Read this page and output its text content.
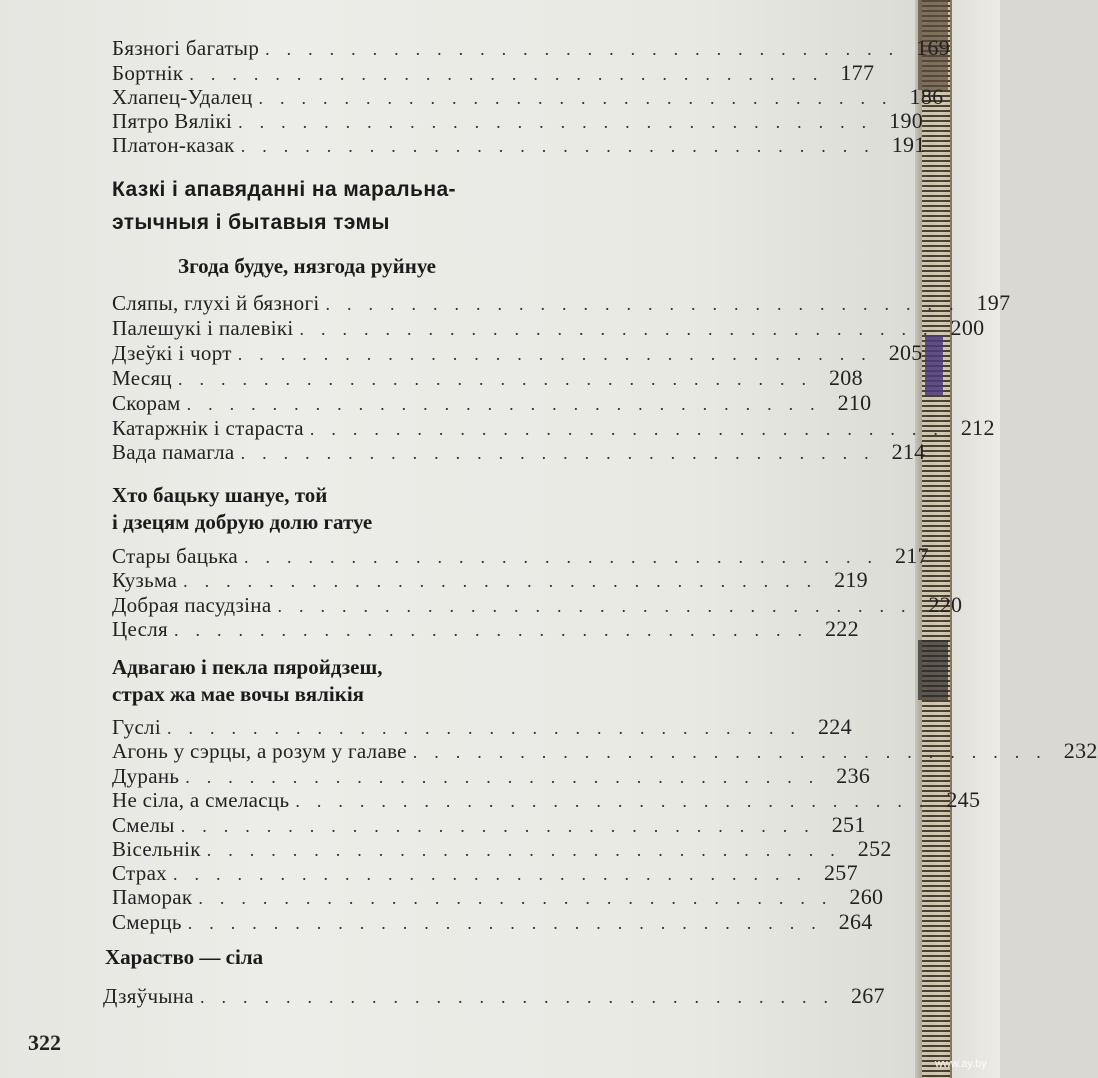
Бязногі багатыр .............................. 169
Бортнік .............................. 177
Хлапец-Удалец .............................. 186
Пятро Вялікі .............................. 190
Платон-казак .............................. 191
Казкі і апавяданні на маральна-
этычныя і бытавыя тэмы
Згода будуе, нязгода руйнуе
Сляпы, глухі й бязногі .............................. 197
Палешукі і палевікі .............................. 200
Дзеўкі і чорт .............................. 205
Месяц .............................. 208
Скорам .............................. 210
Катаржнік і стараста .............................. 212
Вада памагла .............................. 214
Хто бацьку шануе, той
і дзецям добрую долю гатуе
Стары бацька .............................. 217
Кузьма .............................. 219
Добрая пасудзіна .............................. 220
Цесля .............................. 222
Адвагаю і пекла пяройдзеш,
страх жа мае вочы вялікія
Гуслі .............................. 224
Агонь у сэрцы, а розум у галаве .............................. 232
Дурань .............................. 236
Не сіла, а смеласць .............................. 245
Смелы .............................. 251
Вісельнік .............................. 252
Страх .............................. 257
Паморак .............................. 260
Смерць .............................. 264
Хараство — сіла
Дзяўчына .............................. 267
322
www.ay.by
